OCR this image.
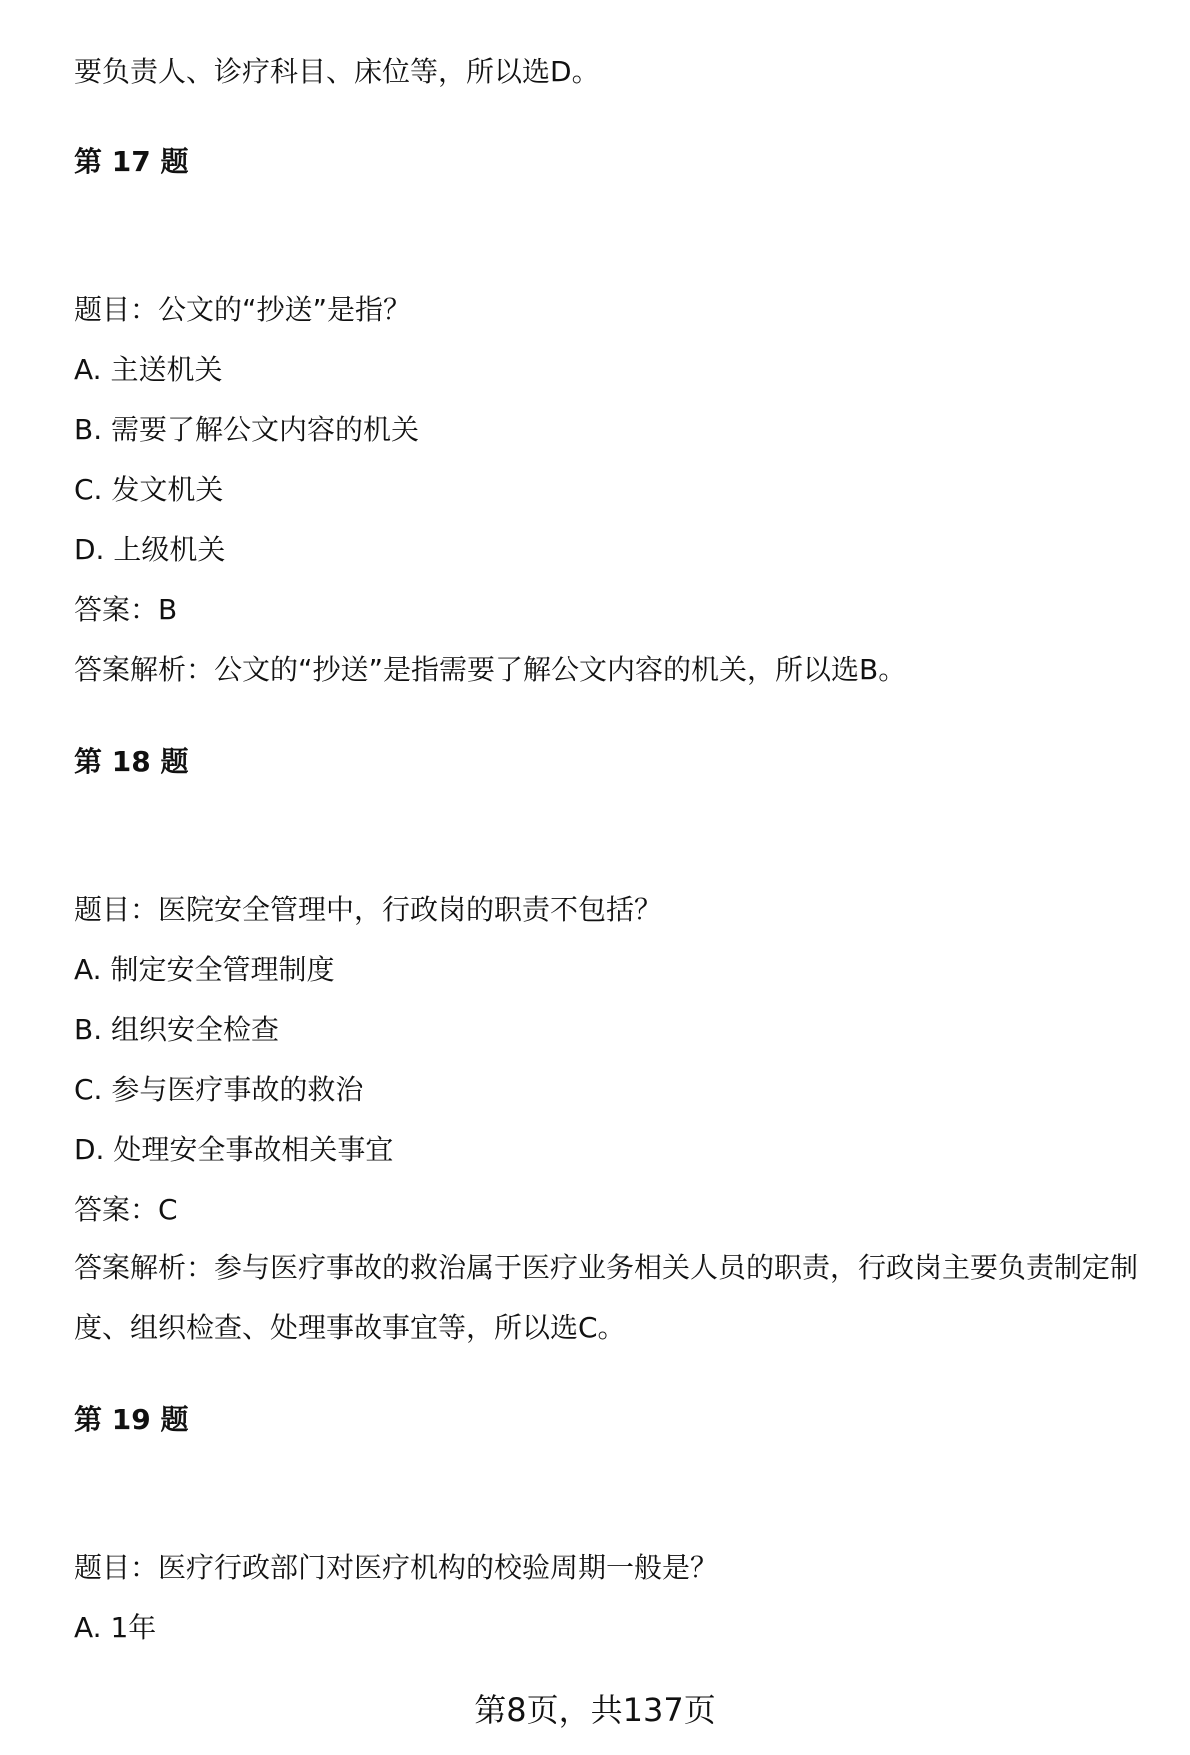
要负责人、诊疗科目、床位等，所以选D。
第 17 题
题目：公文的“抄送”是指？
A. 主送机关
B. 需要了解公文内容的机关
C. 发文机关
D. 上级机关
答案：B
答案解析：公文的“抄送”是指需要了解公文内容的机关，所以选B。
第 18 题
题目：医院安全管理中，行政岗的职责不包括？
A. 制定安全管理制度
B. 组织安全检查
C. 参与医疗事故的救治
D. 处理安全事故相关事宜
答案：C
答案解析：参与医疗事故的救治属于医疗业务相关人员的职责，行政岗主要负责制定制度、组织检查、处理事故事宜等，所以选C。
第 19 题
题目：医疗行政部门对医疗机构的校验周期一般是？
A. 1年
第8页，共137页
